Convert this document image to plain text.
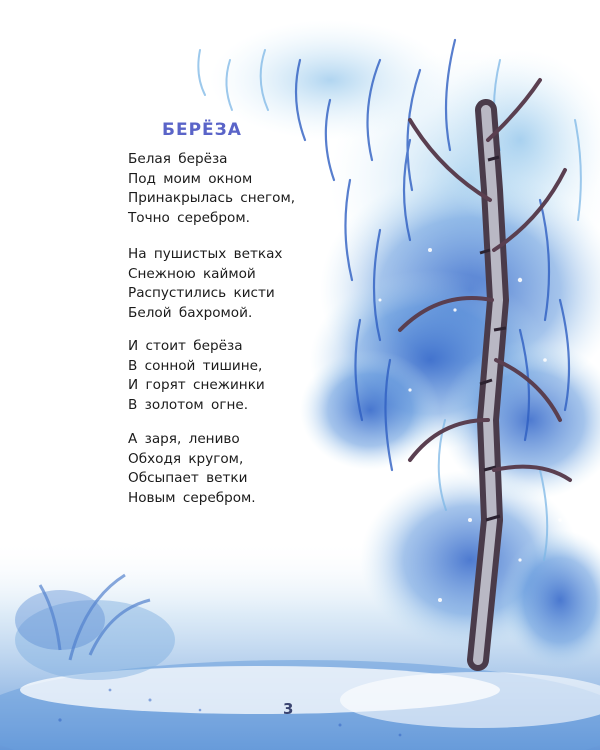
БЕРЁЗА
Белая берёза
Под моим окном
Принакрылась снегом,
Точно серебром.
На пушистых ветках
Снежною каймой
Распустились кисти
Белой бахромой.
И стоит берёза
В сонной тишине,
И горят снежинки
В золотом огне.
А заря, лениво
Обходя кругом,
Обсыпает ветки
Новым серебром.
3
